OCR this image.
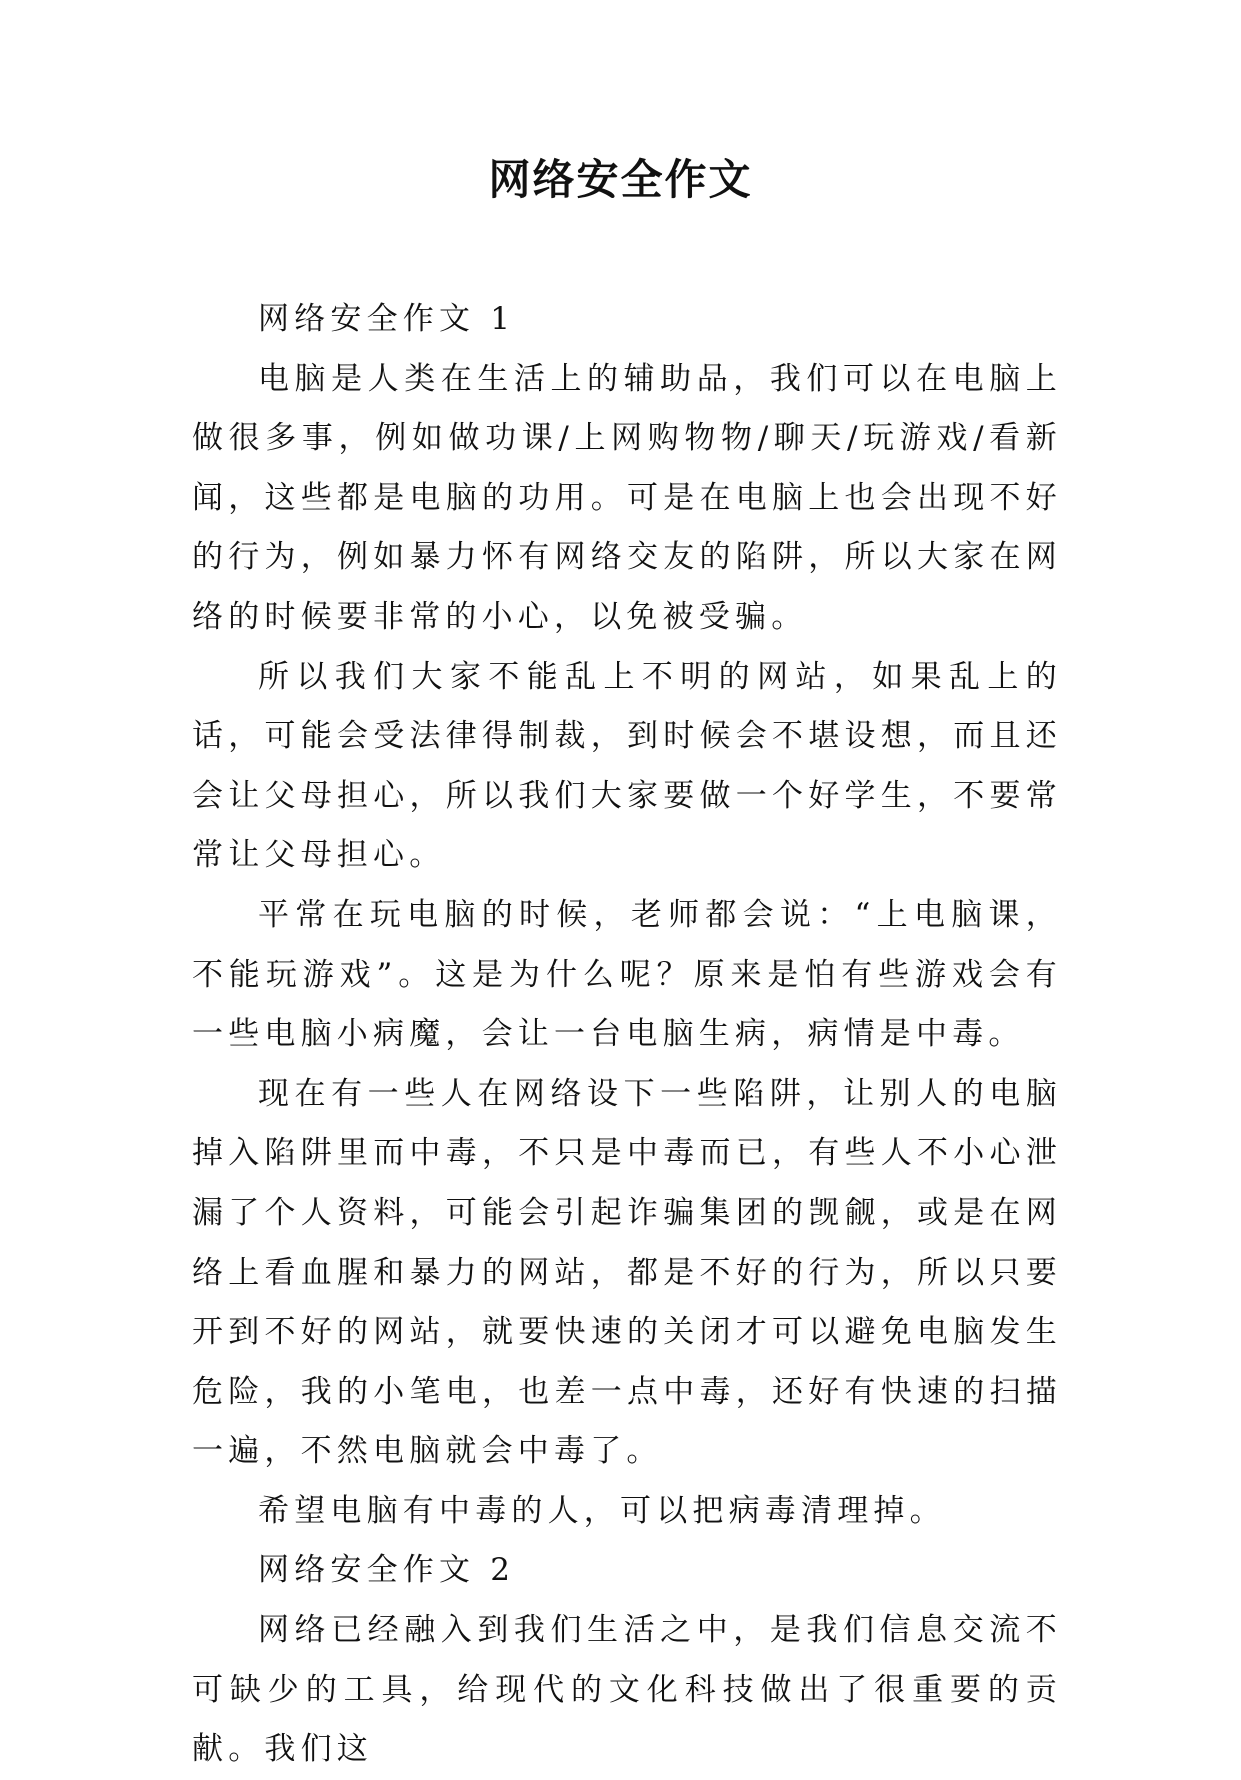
网络安全作文

网络安全作文 1

电脑是人类在生活上的辅助品，我们可以在电脑上做很多事，例如做功课/上网购物物/聊天/玩游戏/看新闻，这些都是电脑的功用。可是在电脑上也会出现不好的行为，例如暴力怀有网络交友的陷阱，所以大家在网络的时候要非常的小心，以免被受骗。

所以我们大家不能乱上不明的网站，如果乱上的话，可能会受法律得制裁，到时候会不堪设想，而且还会让父母担心，所以我们大家要做一个好学生，不要常常让父母担心。

平常在玩电脑的时候，老师都会说：“上电脑课，不能玩游戏”。这是为什么呢？原来是怕有些游戏会有一些电脑小病魔，会让一台电脑生病，病情是中毒。

现在有一些人在网络设下一些陷阱，让别人的电脑掉入陷阱里而中毒，不只是中毒而已，有些人不小心泄漏了个人资料，可能会引起诈骗集团的觊觎，或是在网络上看血腥和暴力的网站，都是不好的行为，所以只要开到不好的网站，就要快速的关闭才可以避免电脑发生危险，我的小笔电，也差一点中毒，还好有快速的扫描一遍，不然电脑就会中毒了。

希望电脑有中毒的人，可以把病毒清理掉。

网络安全作文 2

网络已经融入到我们生活之中，是我们信息交流不可缺少的工具，给现代的文化科技做出了很重要的贡献。我们这
